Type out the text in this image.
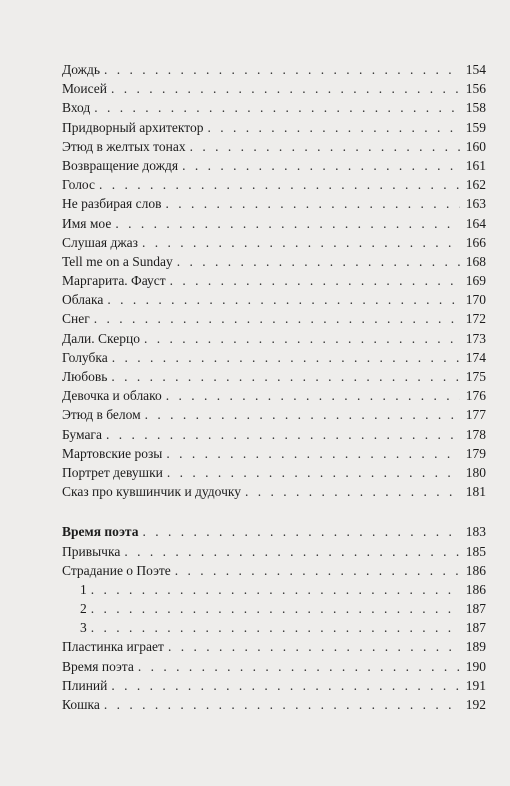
Дождь . . .	154
Моисей . . .	156
Вход . . .	158
Придворный архитектор . . .	159
Этюд в желтых тонах . . .	160
Возвращение дождя . . .	161
Голос . . .	162
Не разбирая слов . . .	163
Имя мое . . .	164
Слушая джаз . . .	166
Tell me on a Sunday . . .	168
Маргарита. Фауст . . .	169
Облака . . .	170
Снег . . .	172
Дали. Скерцо . . .	173
Голубка . . .	174
Любовь . . .	175
Девочка и облако . . .	176
Этюд в белом . . .	177
Бумага . . .	178
Мартовские розы . . .	179
Портрет девушки . . .	180
Сказ про кувшинчик и дудочку . . .	181
Время поэта . . .	183
Привычка . . .	185
Страдание о Поэте . . .	186
1 . . .	186
2 . . .	187
3 . . .	187
Пластинка играет . . .	189
Время поэта . . .	190
Плиний . . .	191
Кошка . . .	192
